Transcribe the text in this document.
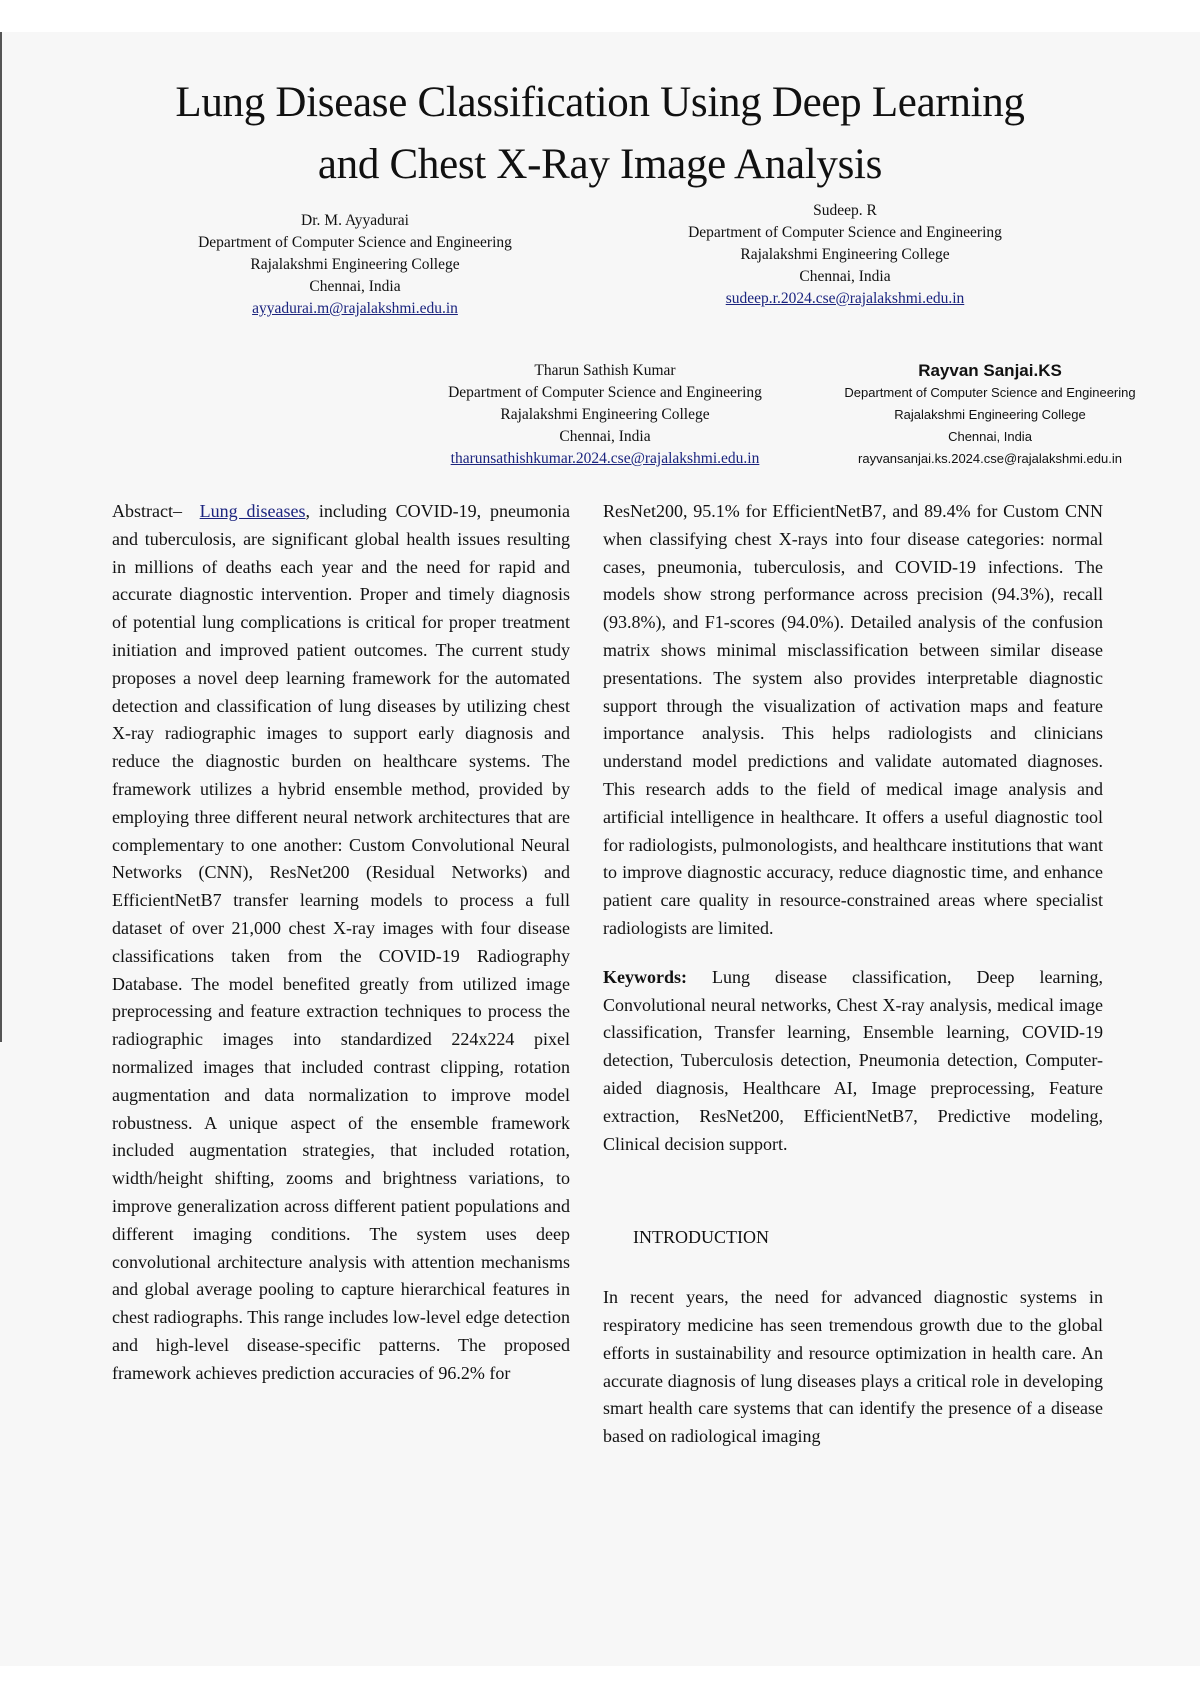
Lung Disease Classification Using Deep Learning
and Chest X-Ray Image Analysis
Dr. M. Ayyadurai
Department of Computer Science and Engineering
Rajalakshmi Engineering College
Chennai, India
ayyadurai.m@rajalakshmi.edu.in
Sudeep. R
Department of Computer Science and Engineering
Rajalakshmi Engineering College
Chennai, India
sudeep.r.2024.cse@rajalakshmi.edu.in
Tharun Sathish Kumar
Department of Computer Science and Engineering
Rajalakshmi Engineering College
Chennai, India
tharunsathishkumar.2024.cse@rajalakshmi.edu.in
Rayvan Sanjai.KS
Department of Computer Science and Engineering
Rajalakshmi Engineering College
Chennai, India
rayvansanjai.ks.2024.cse@rajalakshmi.edu.in

Abstract– Lung diseases, including COVID-19, pneumonia and tuberculosis, are significant global health issues resulting in millions of deaths each year and the need for rapid and accurate diagnostic intervention. Proper and timely diagnosis of potential lung complications is critical for proper treatment initiation and improved patient outcomes. The current study proposes a novel deep learning framework for the automated detection and classification of lung diseases by utilizing chest X-ray radiographic images to support early diagnosis and reduce the diagnostic burden on healthcare systems. The framework utilizes a hybrid ensemble method, provided by employing three different neural network architectures that are complementary to one another: Custom Convolutional Neural Networks (CNN), ResNet200 (Residual Networks) and EfficientNetB7 transfer learning models to process a full dataset of over 21,000 chest X-ray images with four disease classifications taken from the COVID-19 Radiography Database. The model benefited greatly from utilized image preprocessing and feature extraction techniques to process the radiographic images into standardized 224x224 pixel normalized images that included contrast clipping, rotation augmentation and data normalization to improve model robustness. A unique aspect of the ensemble framework included augmentation strategies, that included rotation, width/height shifting, zooms and brightness variations, to improve generalization across different patient populations and different imaging conditions. The system uses deep convolutional architecture analysis with attention mechanisms and global average pooling to capture hierarchical features in chest radiographs. This range includes low-level edge detection and high-level disease-specific patterns. The proposed framework achieves prediction accuracies of 96.2% for

ResNet200, 95.1% for EfficientNetB7, and 89.4% for Custom CNN when classifying chest X-rays into four disease categories: normal cases, pneumonia, tuberculosis, and COVID-19 infections. The models show strong performance across precision (94.3%), recall (93.8%), and F1-scores (94.0%). Detailed analysis of the confusion matrix shows minimal misclassification between similar disease presentations. The system also provides interpretable diagnostic support through the visualization of activation maps and feature importance analysis. This helps radiologists and clinicians understand model predictions and validate automated diagnoses. This research adds to the field of medical image analysis and artificial intelligence in healthcare. It offers a useful diagnostic tool for radiologists, pulmonologists, and healthcare institutions that want to improve diagnostic accuracy, reduce diagnostic time, and enhance patient care quality in resource-constrained areas where specialist radiologists are limited.

Keywords: Lung disease classification, Deep learning, Convolutional neural networks, Chest X-ray analysis, medical image classification, Transfer learning, Ensemble learning, COVID-19 detection, Tuberculosis detection, Pneumonia detection, Computer-aided diagnosis, Healthcare AI, Image preprocessing, Feature extraction, ResNet200, EfficientNetB7, Predictive modeling, Clinical decision support.

INTRODUCTION

In recent years, the need for advanced diagnostic systems in respiratory medicine has seen tremendous growth due to the global efforts in sustainability and resource optimization in health care. An accurate diagnosis of lung diseases plays a critical role in developing smart health care systems that can identify the presence of a disease based on radiological imaging
